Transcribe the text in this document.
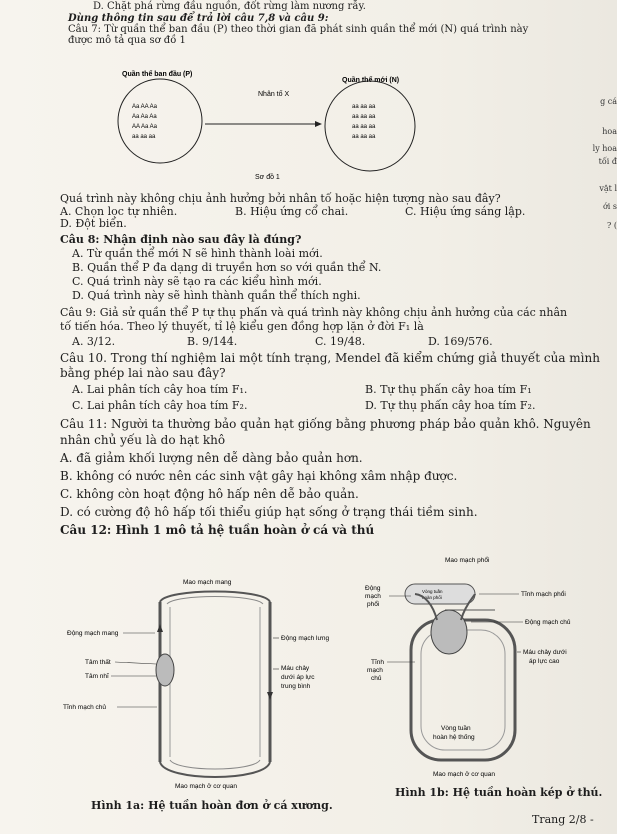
D. Chặt phá rừng đầu nguồn, đốt rừng làm nương rẫy.
Dùng thông tin sau để trả lời câu 7,8 và câu 9:
Câu 7: Từ quần thể ban đầu (P) theo thời gian đã phát sinh quần thể mới (N) quá trình này
được mô tả qua sơ đồ 1
Quần thể ban đầu (P)
Quần thể mới (N)
Nhân tố X
Aa AA Aa
Aa Aa Aa
AA Aa Aa
aa aa aa
aa aa aa
aa aa aa
aa aa aa
aa aa aa
Sơ đồ 1
g cá
hoa
ly hoa
tối đ
vật l
ới s
? (
Quá trình này không chịu ảnh hưởng bởi nhân tố hoặc hiện tượng nào sau đây?
A. Chọn lọc tự nhiên.	B. Hiệu ứng cổ chai.	C. Hiệu ứng sáng lập.
D. Đột biến.
Câu 8: Nhận định nào sau đây là đúng?
A. Từ quần thể mới N sẽ hình thành loài mới.
B. Quần thể P đa dạng di truyền hơn so với quần thể N.
C. Quá trình này sẽ tạo ra các kiểu hình mới.
D. Quá trình này sẽ hình thành quần thể thích nghi.
Câu 9: Giả sử quần thể P tự thụ phấn và quá trình này không chịu ảnh hưởng của các nhân
tố tiến hóa. Theo lý thuyết, tỉ lệ kiểu gen đồng hợp lặn ở đời F₁ là
A. 3/12.	B. 9/144.	C. 19/48.	D. 169/576.
Câu 10. Trong thí nghiệm lai một tính trạng, Mendel đã kiểm chứng giả thuyết của mình
bằng phép lai nào sau đây?
A. Lai phân tích cây hoa tím F₁.	B. Tự thụ phấn cây hoa tím F₁
C. Lai phân tích cây hoa tím F₂.	D. Tự thụ phấn cây hoa tím F₂.
Câu 11: Người ta thường bảo quản hạt giống bằng phương pháp bảo quản khô. Nguyên
nhân chủ yếu là do hạt khô
A. đã giảm khối lượng nên dễ dàng bảo quản hơn.
B. không có nước nên các sinh vật gây hại không xâm nhập được.
C. không còn hoạt động hô hấp nên dễ bảo quản.
D. có cường độ hô hấp tối thiểu giúp hạt sống ở trạng thái tiềm sinh.
Câu 12: Hình 1 mô tả hệ tuần hoàn ở cá và thú
Mao mạch mang
Động mạch mang
Tâm thất
Tâm nhĩ
Tĩnh mạch chủ
Động mạch lưng
Máu chảy
dưới áp lực
trung bình
Mao mạch ở cơ quan
Hình 1a: Hệ tuần hoàn đơn ở cá xương.
Mao mạch phổi
Vòng tuần
hoàn phổi
Động
mạch
phổi
Tĩnh
mạch
chủ
Tĩnh mạch phổi
Động mạch chủ
Máu chảy dưới
áp lực cao
Vòng tuần
hoàn hệ thống
Mao mạch ở cơ quan
Hình 1b: Hệ tuần hoàn kép ở thú.
Trang 2/8 -
